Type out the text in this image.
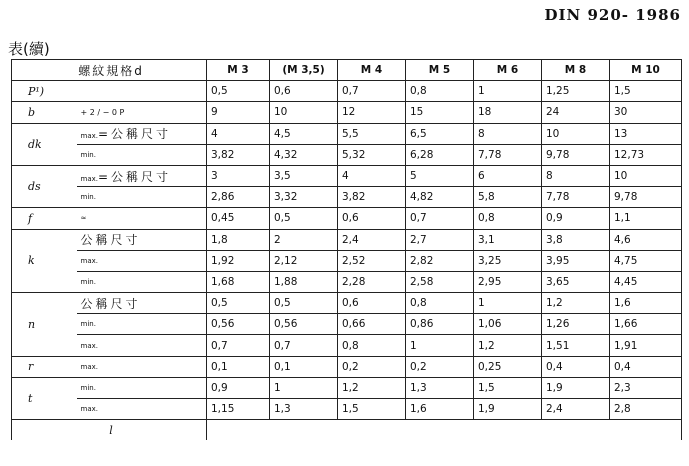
DIN 920- 1986
表(續)
螺紋規格d		M 3	(M 3,5)	M 4	M 5	M 6	M 8	M 10
P¹)		0,5	0,6	0,7	0,8	1	1,25	1,5
b	+ 2 / − 0 P	9	10	12	15	18	24	30
dk	max.=公稱尺寸	4	4,5	5,5	6,5	8	10	13
	min.	3,82	4,32	5,32	6,28	7,78	9,78	12,73
ds	max.=公稱尺寸	3	3,5	4	5	6	8	10
	min.	2,86	3,32	3,82	4,82	5,8	7,78	9,78
f	≈	0,45	0,5	0,6	0,7	0,8	0,9	1,1
k	公稱尺寸	1,8	2	2,4	2,7	3,1	3,8	4,6
	max.	1,92	2,12	2,52	2,82	3,25	3,95	4,75
	min.	1,68	1,88	2,28	2,58	2,95	3,65	4,45
n	公稱尺寸	0,5	0,5	0,6	0,8	1	1,2	1,6
	min.	0,56	0,56	0,66	0,86	1,06	1,26	1,66
	max.	0,7	0,7	0,8	1	1,2	1,51	1,91
r	max.	0,1	0,1	0,2	0,2	0,25	0,4	0,4
t	min.	0,9	1	1,2	1,3	1,5	1,9	2,3
	max.	1,15	1,3	1,5	1,6	1,9	2,4	2,8
l								
